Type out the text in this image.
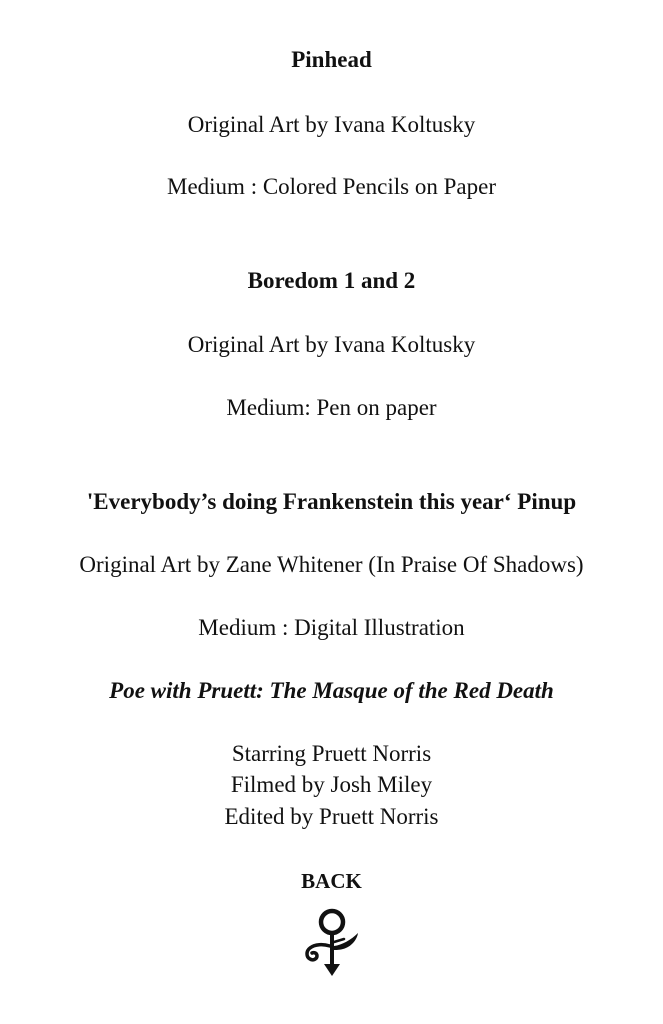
Pinhead
Original Art by Ivana Koltusky
Medium : Colored Pencils on Paper
Boredom 1 and 2
Original Art by Ivana Koltusky
Medium: Pen on paper
'Everybody’s doing Frankenstein this year‘ Pinup
Original Art by Zane Whitener (In Praise Of Shadows)
Medium : Digital Illustration
Poe with Pruett: The Masque of the Red Death
Starring Pruett Norris
Filmed by Josh Miley
Edited by Pruett Norris
BACK
